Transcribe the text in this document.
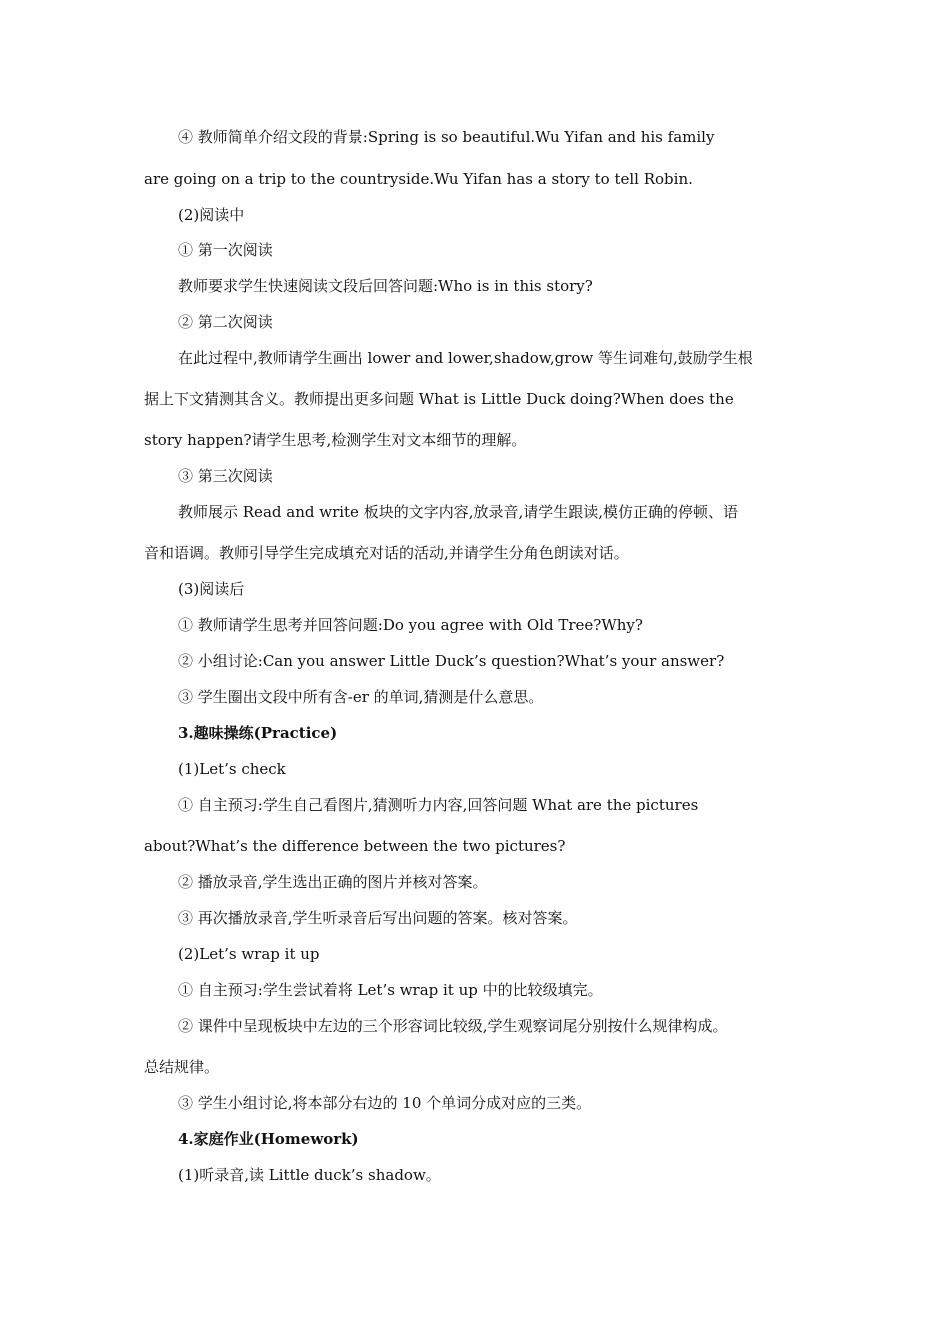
④ 教师简单介绍文段的背景:Spring is so beautiful.Wu Yifan and his family
are going on a trip to the countryside.Wu Yifan has a story to tell Robin.
(2)阅读中
① 第一次阅读
教师要求学生快速阅读文段后回答问题:Who is in this story?
② 第二次阅读
在此过程中,教师请学生画出 lower and lower,shadow,grow 等生词难句,鼓励学生根
据上下文猜测其含义。教师提出更多问题 What is Little Duck doing?When does the
story happen?请学生思考,检测学生对文本细节的理解。
③ 第三次阅读
教师展示 Read and write 板块的文字内容,放录音,请学生跟读,模仿正确的停顿、语
音和语调。教师引导学生完成填充对话的活动,并请学生分角色朗读对话。
(3)阅读后
① 教师请学生思考并回答问题:Do you agree with Old Tree?Why?
② 小组讨论:Can you answer Little Duck’s question?What’s your answer?
③ 学生圈出文段中所有含-er 的单词,猜测是什么意思。
3.趣味操练(Practice)
(1)Let’s check
① 自主预习:学生自己看图片,猜测听力内容,回答问题 What are the pictures
about?What’s the difference between the two pictures?
② 播放录音,学生选出正确的图片并核对答案。
③ 再次播放录音,学生听录音后写出问题的答案。核对答案。
(2)Let’s wrap it up
① 自主预习:学生尝试着将 Let’s wrap it up 中的比较级填完。
② 课件中呈现板块中左边的三个形容词比较级,学生观察词尾分别按什么规律构成。
总结规律。
③ 学生小组讨论,将本部分右边的 10 个单词分成对应的三类。
4.家庭作业(Homework)
(1)听录音,读 Little duck’s shadow。
